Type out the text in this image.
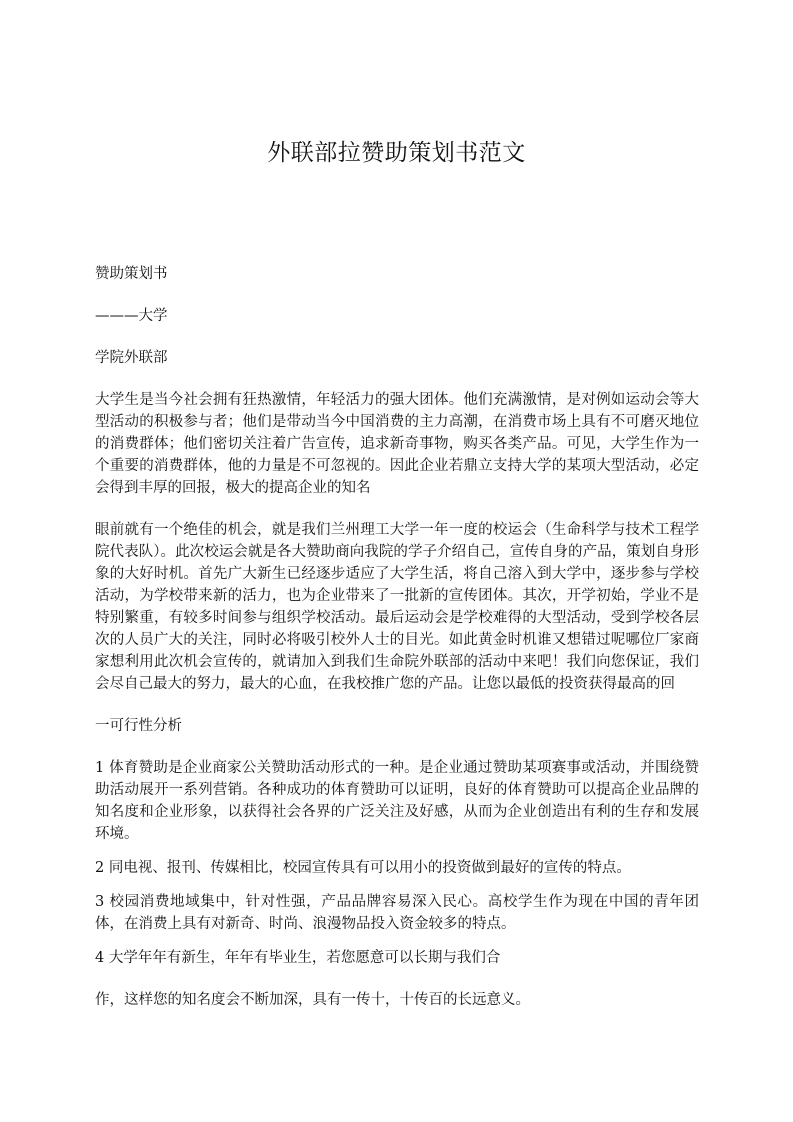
外联部拉赞助策划书范文

赞助策划书

———大学

学院外联部

大学生是当今社会拥有狂热激情，年轻活力的强大团体。他们充满激情，是对例如运动会等大型活动的积极参与者；他们是带动当今中国消费的主力高潮，在消费市场上具有不可磨灭地位的消费群体；他们密切关注着广告宣传，追求新奇事物，购买各类产品。可见，大学生作为一个重要的消费群体，他的力量是不可忽视的。因此企业若鼎立支持大学的某项大型活动，必定会得到丰厚的回报，极大的提高企业的知名

眼前就有一个绝佳的机会，就是我们兰州理工大学一年一度的校运会（生命科学与技术工程学院代表队）。此次校运会就是各大赞助商向我院的学子介绍自己，宣传自身的产品，策划自身形象的大好时机。首先广大新生已经逐步适应了大学生活，将自己溶入到大学中，逐步参与学校活动，为学校带来新的活力，也为企业带来了一批新的宣传团体。其次，开学初始，学业不是特别繁重，有较多时间参与组织学校活动。最后运动会是学校难得的大型活动，受到学校各层次的人员广大的关注，同时必将吸引校外人士的目光。如此黄金时机谁又想错过呢哪位厂家商家想利用此次机会宣传的，就请加入到我们生命院外联部的活动中来吧！我们向您保证，我们会尽自己最大的努力，最大的心血，在我校推广您的产品。让您以最低的投资获得最高的回

一可行性分析

1 体育赞助是企业商家公关赞助活动形式的一种。是企业通过赞助某项赛事或活动，并围绕赞助活动展开一系列营销。各种成功的体育赞助可以证明，良好的体育赞助可以提高企业品牌的知名度和企业形象，以获得社会各界的广泛关注及好感，从而为企业创造出有利的生存和发展环境。

2 同电视、报刊、传媒相比，校园宣传具有可以用小的投资做到最好的宣传的特点。

3 校园消费地域集中，针对性强，产品品牌容易深入民心。高校学生作为现在中国的青年团体，在消费上具有对新奇、时尚、浪漫物品投入资金较多的特点。

4 大学年年有新生，年年有毕业生，若您愿意可以长期与我们合

作，这样您的知名度会不断加深，具有一传十，十传百的长远意义。
